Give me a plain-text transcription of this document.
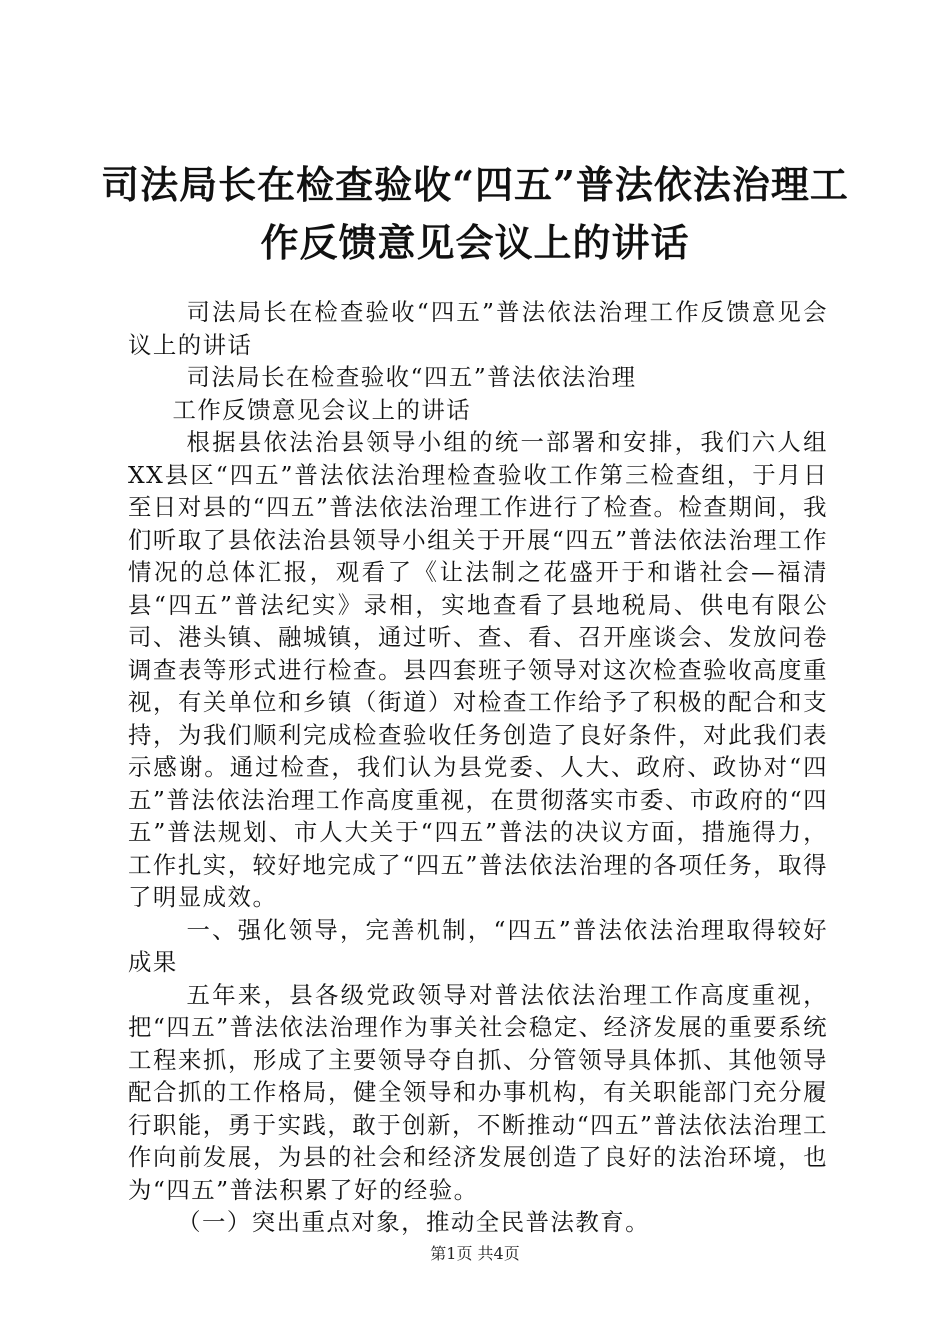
司法局长在检查验收“四五”普法依法治理工
作反馈意见会议上的讲话

司法局长在检查验收“四五”普法依法治理工作反馈意见会议上的讲话

司法局长在检查验收“四五”普法依法治理

工作反馈意见会议上的讲话

根据县依法治县领导小组的统一部署和安排，我们六人组XX县区“四五”普法依法治理检查验收工作第三检查组，于月日至日对县的“四五”普法依法治理工作进行了检查。检查期间，我们听取了县依法治县领导小组关于开展“四五”普法依法治理工作情况的总体汇报，观看了《让法制之花盛开于和谐社会—福清县“四五”普法纪实》录相，实地查看了县地税局、供电有限公司、港头镇、融城镇，通过听、查、看、召开座谈会、发放问卷调查表等形式进行检查。县四套班子领导对这次检查验收高度重视，有关单位和乡镇（街道）对检查工作给予了积极的配合和支持，为我们顺利完成检查验收任务创造了良好条件，对此我们表示感谢。通过检查，我们认为县党委、人大、政府、政协对“四五”普法依法治理工作高度重视，在贯彻落实市委、市政府的“四五”普法规划、市人大关于“四五”普法的决议方面，措施得力，工作扎实，较好地完成了“四五”普法依法治理的各项任务，取得了明显成效。

一、强化领导，完善机制，“四五”普法依法治理取得较好成果

五年来，县各级党政领导对普法依法治理工作高度重视，把“四五”普法依法治理作为事关社会稳定、经济发展的重要系统工程来抓，形成了主要领导夺自抓、分管领导具体抓、其他领导配合抓的工作格局，健全领导和办事机构，有关职能部门充分履行职能，勇于实践，敢于创新，不断推动“四五”普法依法治理工作向前发展，为县的社会和经济发展创造了良好的法治环境，也为“四五”普法积累了好的经验。

（一）突出重点对象，推动全民普法教育。

第1页 共4页
